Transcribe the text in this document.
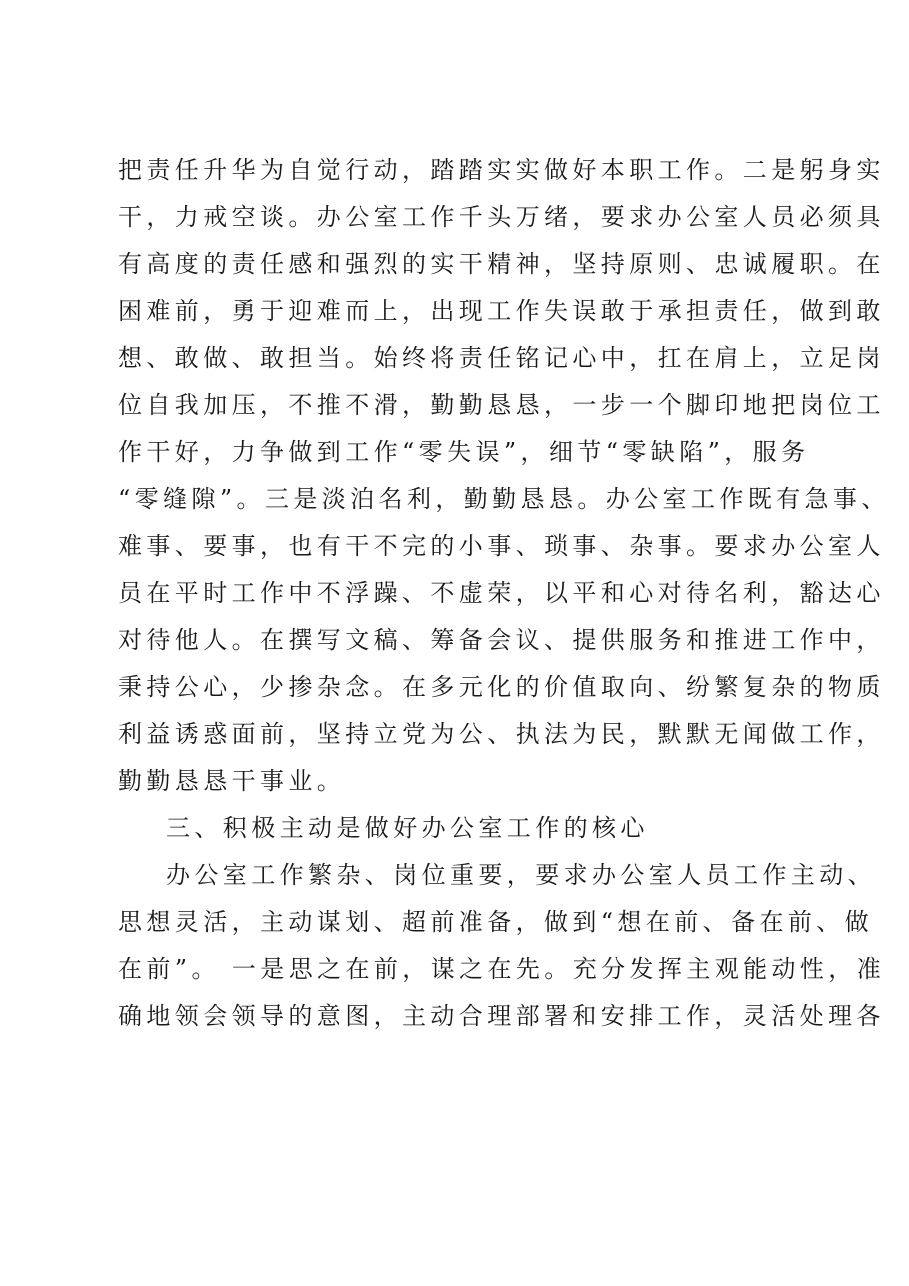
把责任升华为自觉行动，踏踏实实做好本职工作。二是躬身实
干，力戒空谈。办公室工作千头万绪，要求办公室人员必须具
有高度的责任感和强烈的实干精神，坚持原则、忠诚履职。在
困难前，勇于迎难而上，出现工作失误敢于承担责任，做到敢
想、敢做、敢担当。始终将责任铭记心中，扛在肩上，立足岗
位自我加压，不推不滑，勤勤恳恳，一步一个脚印地把岗位工
作干好，力争做到工作“零失误”，细节“零缺陷”，服务
“零缝隙”。三是淡泊名利，勤勤恳恳。办公室工作既有急事、
难事、要事，也有干不完的小事、琐事、杂事。要求办公室人
员在平时工作中不浮躁、不虚荣，以平和心对待名利，豁达心
对待他人。在撰写文稿、筹备会议、提供服务和推进工作中，
秉持公心，少掺杂念。在多元化的价值取向、纷繁复杂的物质
利益诱惑面前，坚持立党为公、执法为民，默默无闻做工作，
勤勤恳恳干事业。
三、积极主动是做好办公室工作的核心
办公室工作繁杂、岗位重要，要求办公室人员工作主动、
思想灵活，主动谋划、超前准备，做到“想在前、备在前、做
在前”。 一是思之在前，谋之在先。充分发挥主观能动性，准
确地领会领导的意图，主动合理部署和安排工作，灵活处理各
